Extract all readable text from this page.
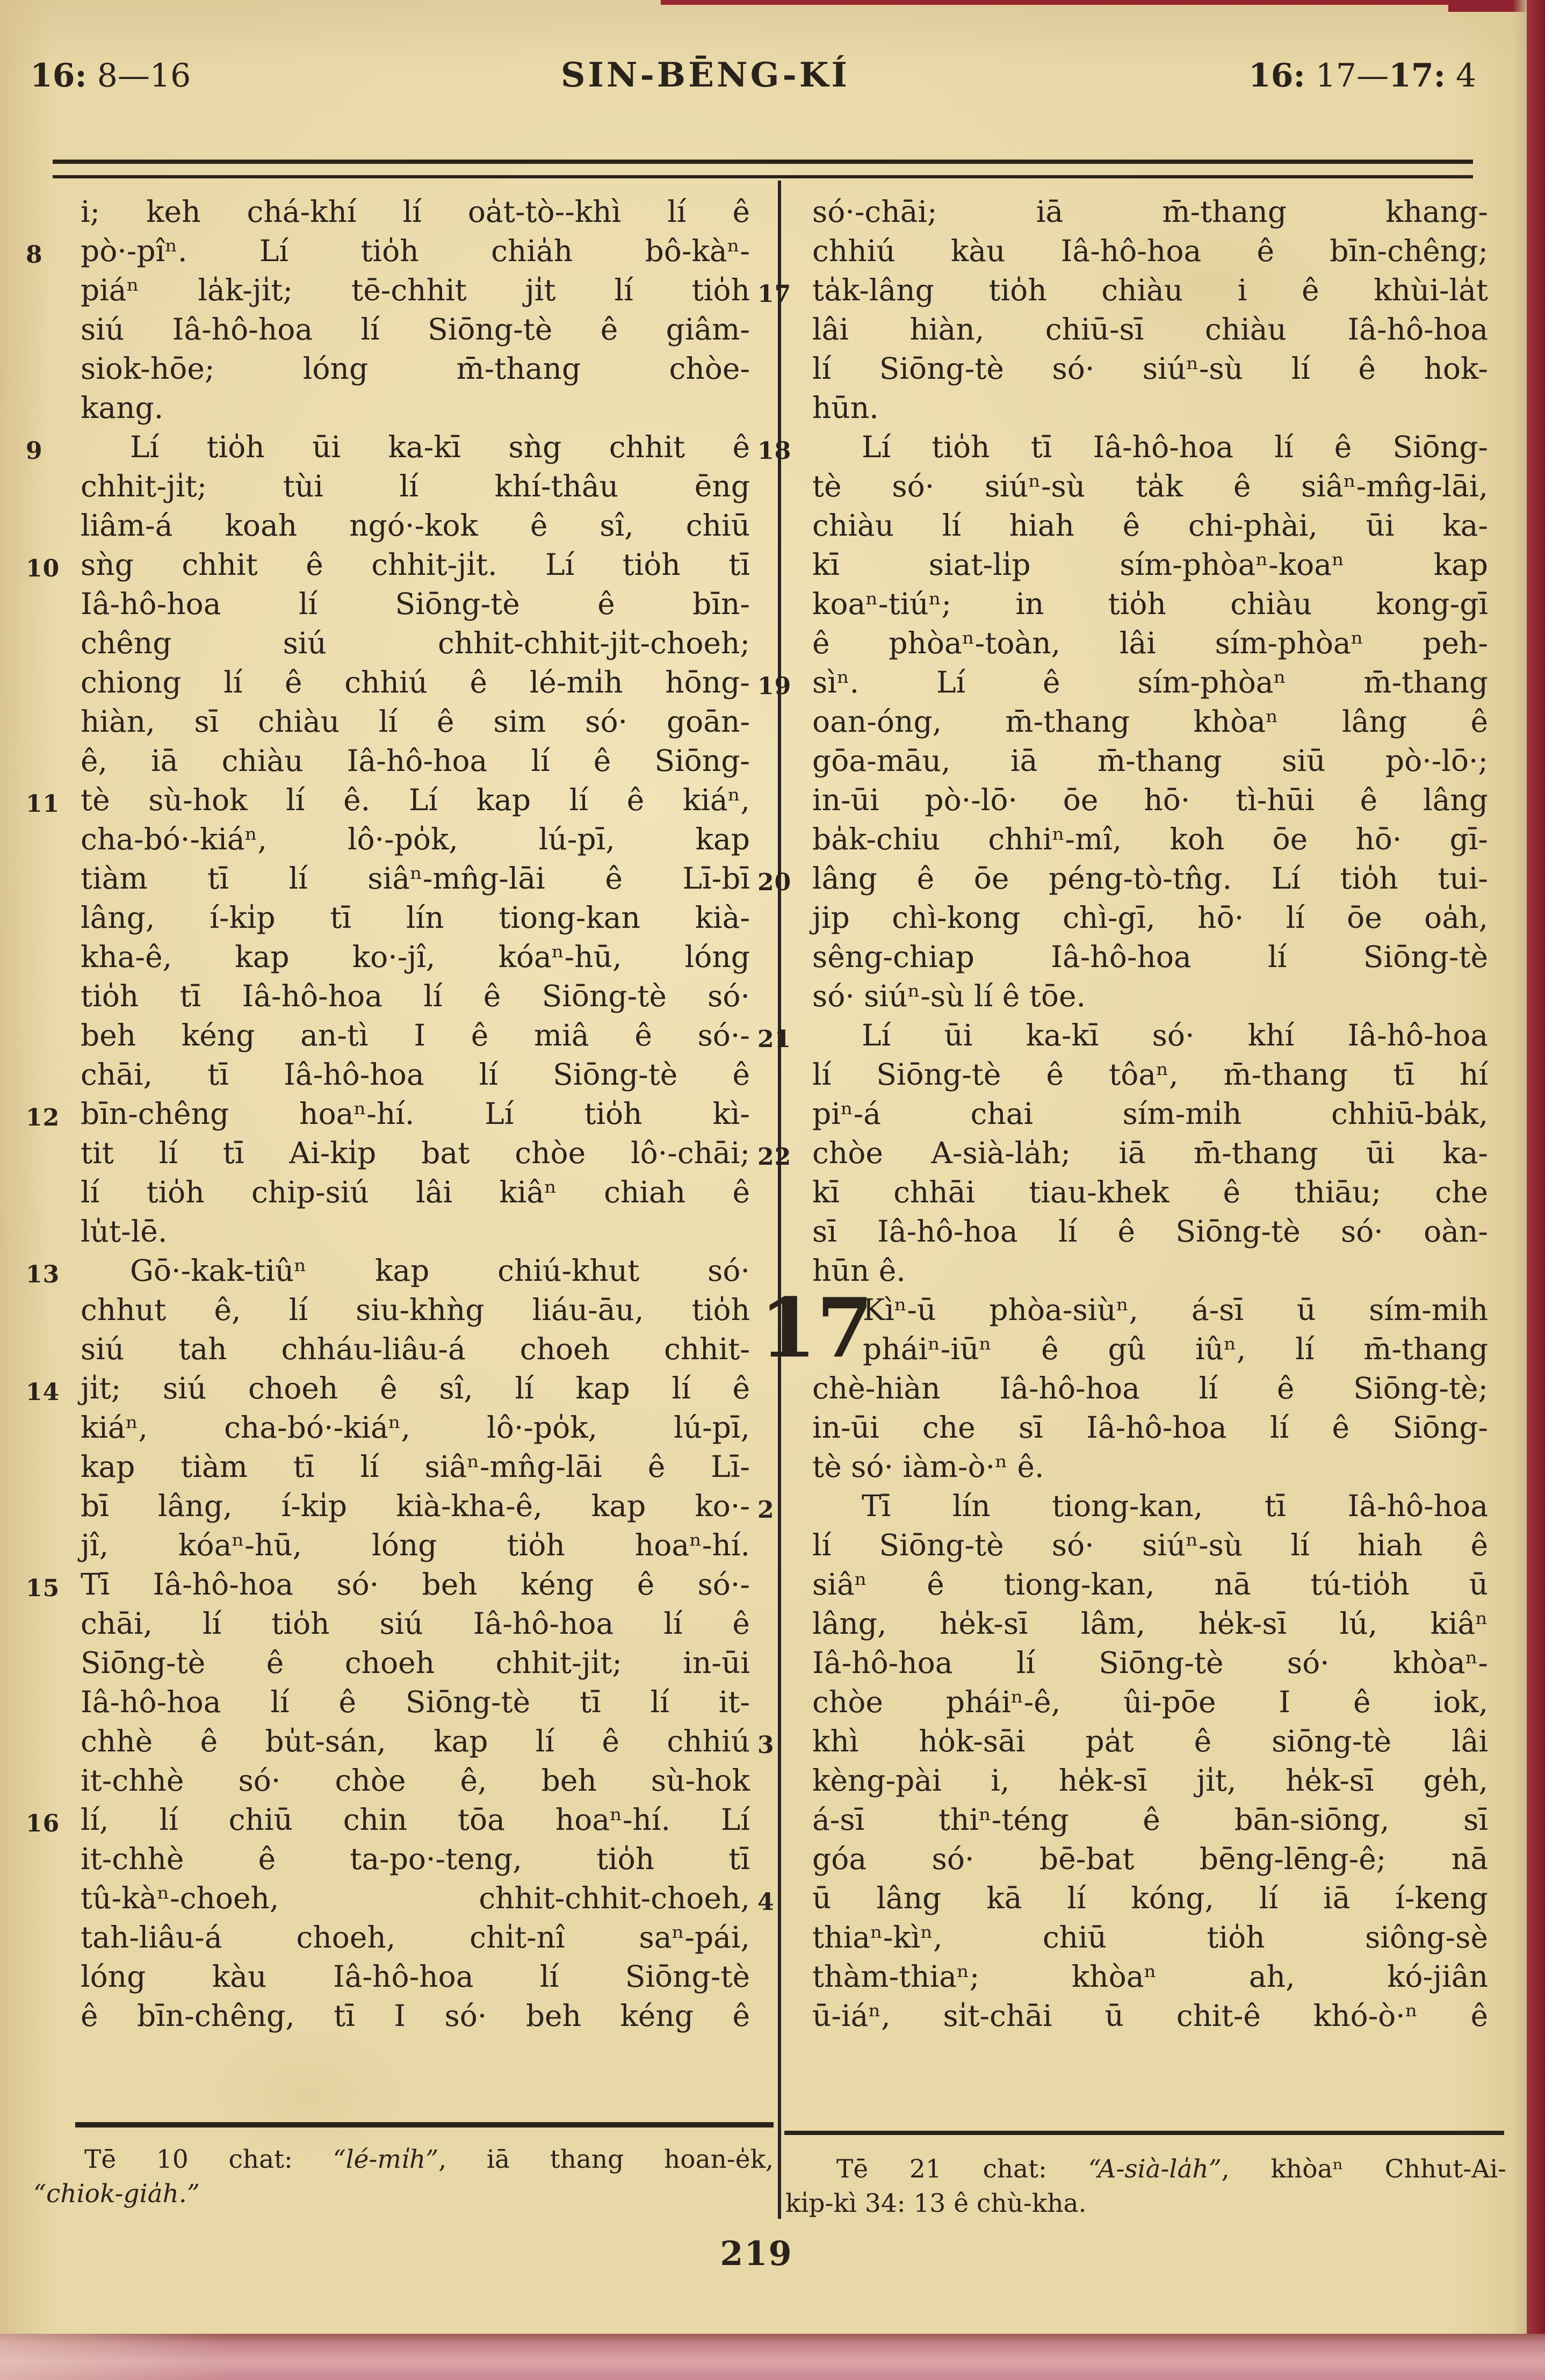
16: 8—16	SIN-BĒNG-KÍ	16: 17—17: 4
i; keh chá-khí lí oa̍t-tò--khì lí ê
8 pò·-pîⁿ. Lí tio̍h chia̍h bô-kàⁿ-
piáⁿ la̍k-ji̍t; tē-chhit ji̍t lí tio̍h
siú Iâ-hô-hoa lí Siōng-tè ê giâm-
siok-hōe; lóng m̄-thang chòe-
kang.
9	Lí tio̍h ūi ka-kī sǹg chhit ê
chhit-ji̍t; tùi lí khí-thâu ēng
liâm-á koah ngó·-kok ê sî, chiū
10 sǹg chhit ê chhit-ji̍t. Lí tio̍h tī
Iâ-hô-hoa lí Siōng-tè ê bīn-
chêng siú chhit-chhit-ji̍t-choeh;
chiong lí ê chhiú ê lé-mi̍h hōng-
hiàn, sī chiàu lí ê sim só· goān-
ê, iā chiàu Iâ-hô-hoa lí ê Siōng-
11 tè sù-hok lí ê. Lí kap lí ê kiáⁿ,
cha-bó·-kiáⁿ, lô·-po̍k, lú-pī, kap
tiàm tī lí siâⁿ-mn̂g-lāi ê Lī-bī
lâng, í-ki̍p tī lín tiong-kan kià-
kha-ê, kap ko·-jî, kóaⁿ-hū, lóng
tio̍h tī Iâ-hô-hoa lí ê Siōng-tè só·
beh kéng an-tì I ê miâ ê só·-
chāi, tī Iâ-hô-hoa lí Siōng-tè ê
12 bīn-chêng hoaⁿ-hí. Lí tio̍h kì-
tit lí tī Ai-ki̍p bat chòe lô·-chāi;
lí tio̍h chip-siú lâi kiâⁿ chiah ê
lu̍t-lē.
13 Gō·-kak-tiûⁿ kap chiú-khut só·
chhut ê, lí siu-khǹg liáu-āu, tio̍h
siú tah chháu-liâu-á choeh chhit-
14 ji̍t; siú choeh ê sî, lí kap lí ê
kiáⁿ, cha-bó·-kiáⁿ, lô·-po̍k, lú-pī,
kap tiàm tī lí siâⁿ-mn̂g-lāi ê Lī-
bī lâng, í-ki̍p kià-kha-ê, kap ko·-
jî, kóaⁿ-hū, lóng tio̍h hoaⁿ-hí.
15 Tī Iâ-hô-hoa só· beh kéng ê só·-
chāi, lí tio̍h siú Iâ-hô-hoa lí ê
Siōng-tè ê choeh chhit-ji̍t; in-ūi
Iâ-hô-hoa lí ê Siōng-tè tī lí it-
chhè ê bu̍t-sán, kap lí ê chhiú
it-chhè só· chòe ê, beh sù-hok
16 lí, lí chiū chin tōa hoaⁿ-hí. Lí
it-chhè ê ta-po·-teng, tio̍h tī
tû-kàⁿ-choeh, chhit-chhit-choeh,
tah-liâu-á choeh, chi̍t-nî saⁿ-pái,
lóng kàu Iâ-hô-hoa lí Siōng-tè
ê bīn-chêng, tī I só· beh kéng ê
só·-chāi; iā m̄-thang khang-
chhiú kàu Iâ-hô-hoa ê bīn-chêng;
17 ta̍k-lâng tio̍h chiàu i ê khùi-la̍t
lâi hiàn, chiū-sī chiàu Iâ-hô-hoa
lí Siōng-tè só· siúⁿ-sù lí ê hok-
hūn.
18 Lí tio̍h tī Iâ-hô-hoa lí ê Siōng-
tè só· siúⁿ-sù ta̍k ê siâⁿ-mn̂g-lāi,
chiàu lí hiah ê chi-phài, ūi ka-
kī siat-li̍p sím-phòaⁿ-koaⁿ kap
koaⁿ-tiúⁿ; in tio̍h chiàu kong-gī
ê phòaⁿ-toàn, lâi sím-phòaⁿ peh-
19 sìⁿ. Lí ê sím-phòaⁿ m̄-thang
oan-óng, m̄-thang khòaⁿ lâng ê
gōa-māu, iā m̄-thang siū pò·-lō·;
in-ūi pò·-lō· ōe hō· tì-hūi ê lâng
ba̍k-chiu chhiⁿ-mî, koh ōe hō· gī-
20 lâng ê ōe péng-tò-tn̂g. Lí tio̍h tui-
jip chì-kong chì-gī, hō· lí ōe oa̍h,
sêng-chiap Iâ-hô-hoa lí Siōng-tè
só· siúⁿ-sù lí ê tōe.
21 Lí ūi ka-kī só· khí Iâ-hô-hoa
lí Siōng-tè ê tôaⁿ, m̄-thang tī hí
piⁿ-á chai sím-mi̍h chhiū-ba̍k,
22 chòe A-sià-la̍h; iā m̄-thang ūi ka-
kī chhāi tiau-khek ê thiāu; che
sī Iâ-hô-hoa lí ê Siōng-tè só· oàn-
hūn ê.
17
Kìⁿ-ū phòa-siùⁿ, á-sī ū sím-mi̍h
pháiⁿ-iūⁿ ê gû iûⁿ, lí m̄-thang
chè-hiàn Iâ-hô-hoa lí ê Siōng-tè;
in-ūi che sī Iâ-hô-hoa lí ê Siōng-
tè só· iàm-ò·ⁿ ê.
2	Tī lín tiong-kan, tī Iâ-hô-hoa
lí Siōng-tè só· siúⁿ-sù lí hiah ê
siâⁿ ê tiong-kan, nā tú-tio̍h ū
lâng, he̍k-sī lâm, he̍k-sī lú, kiâⁿ
Iâ-hô-hoa lí Siōng-tè só· khòaⁿ-
chòe pháiⁿ-ê, ûi-pōe I ê iok,
3 khì ho̍k-sāi pa̍t ê siōng-tè lâi
kèng-pài i, he̍k-sī ji̍t, he̍k-sī ge̍h,
á-sī thiⁿ-téng ê bān-siōng, sī
góa só· bē-bat bēng-lēng-ê; nā
4 ū lâng kā lí kóng, lí iā í-keng
thiaⁿ-kìⁿ, chiū tio̍h siông-sè
thàm-thiaⁿ; khòaⁿ ah, kó-jiân
ū-iáⁿ, si̍t-chāi ū chit-ê khó-ò·ⁿ ê
Tē 10 chat: “lé-mi̍h”, iā thang hoan-e̍k,
“chiok-gia̍h.”
Tē 21 chat: “A-sià-la̍h”, khòaⁿ Chhut-Ai-
ki̍p-kì 34: 13 ê chù-kha.
219
